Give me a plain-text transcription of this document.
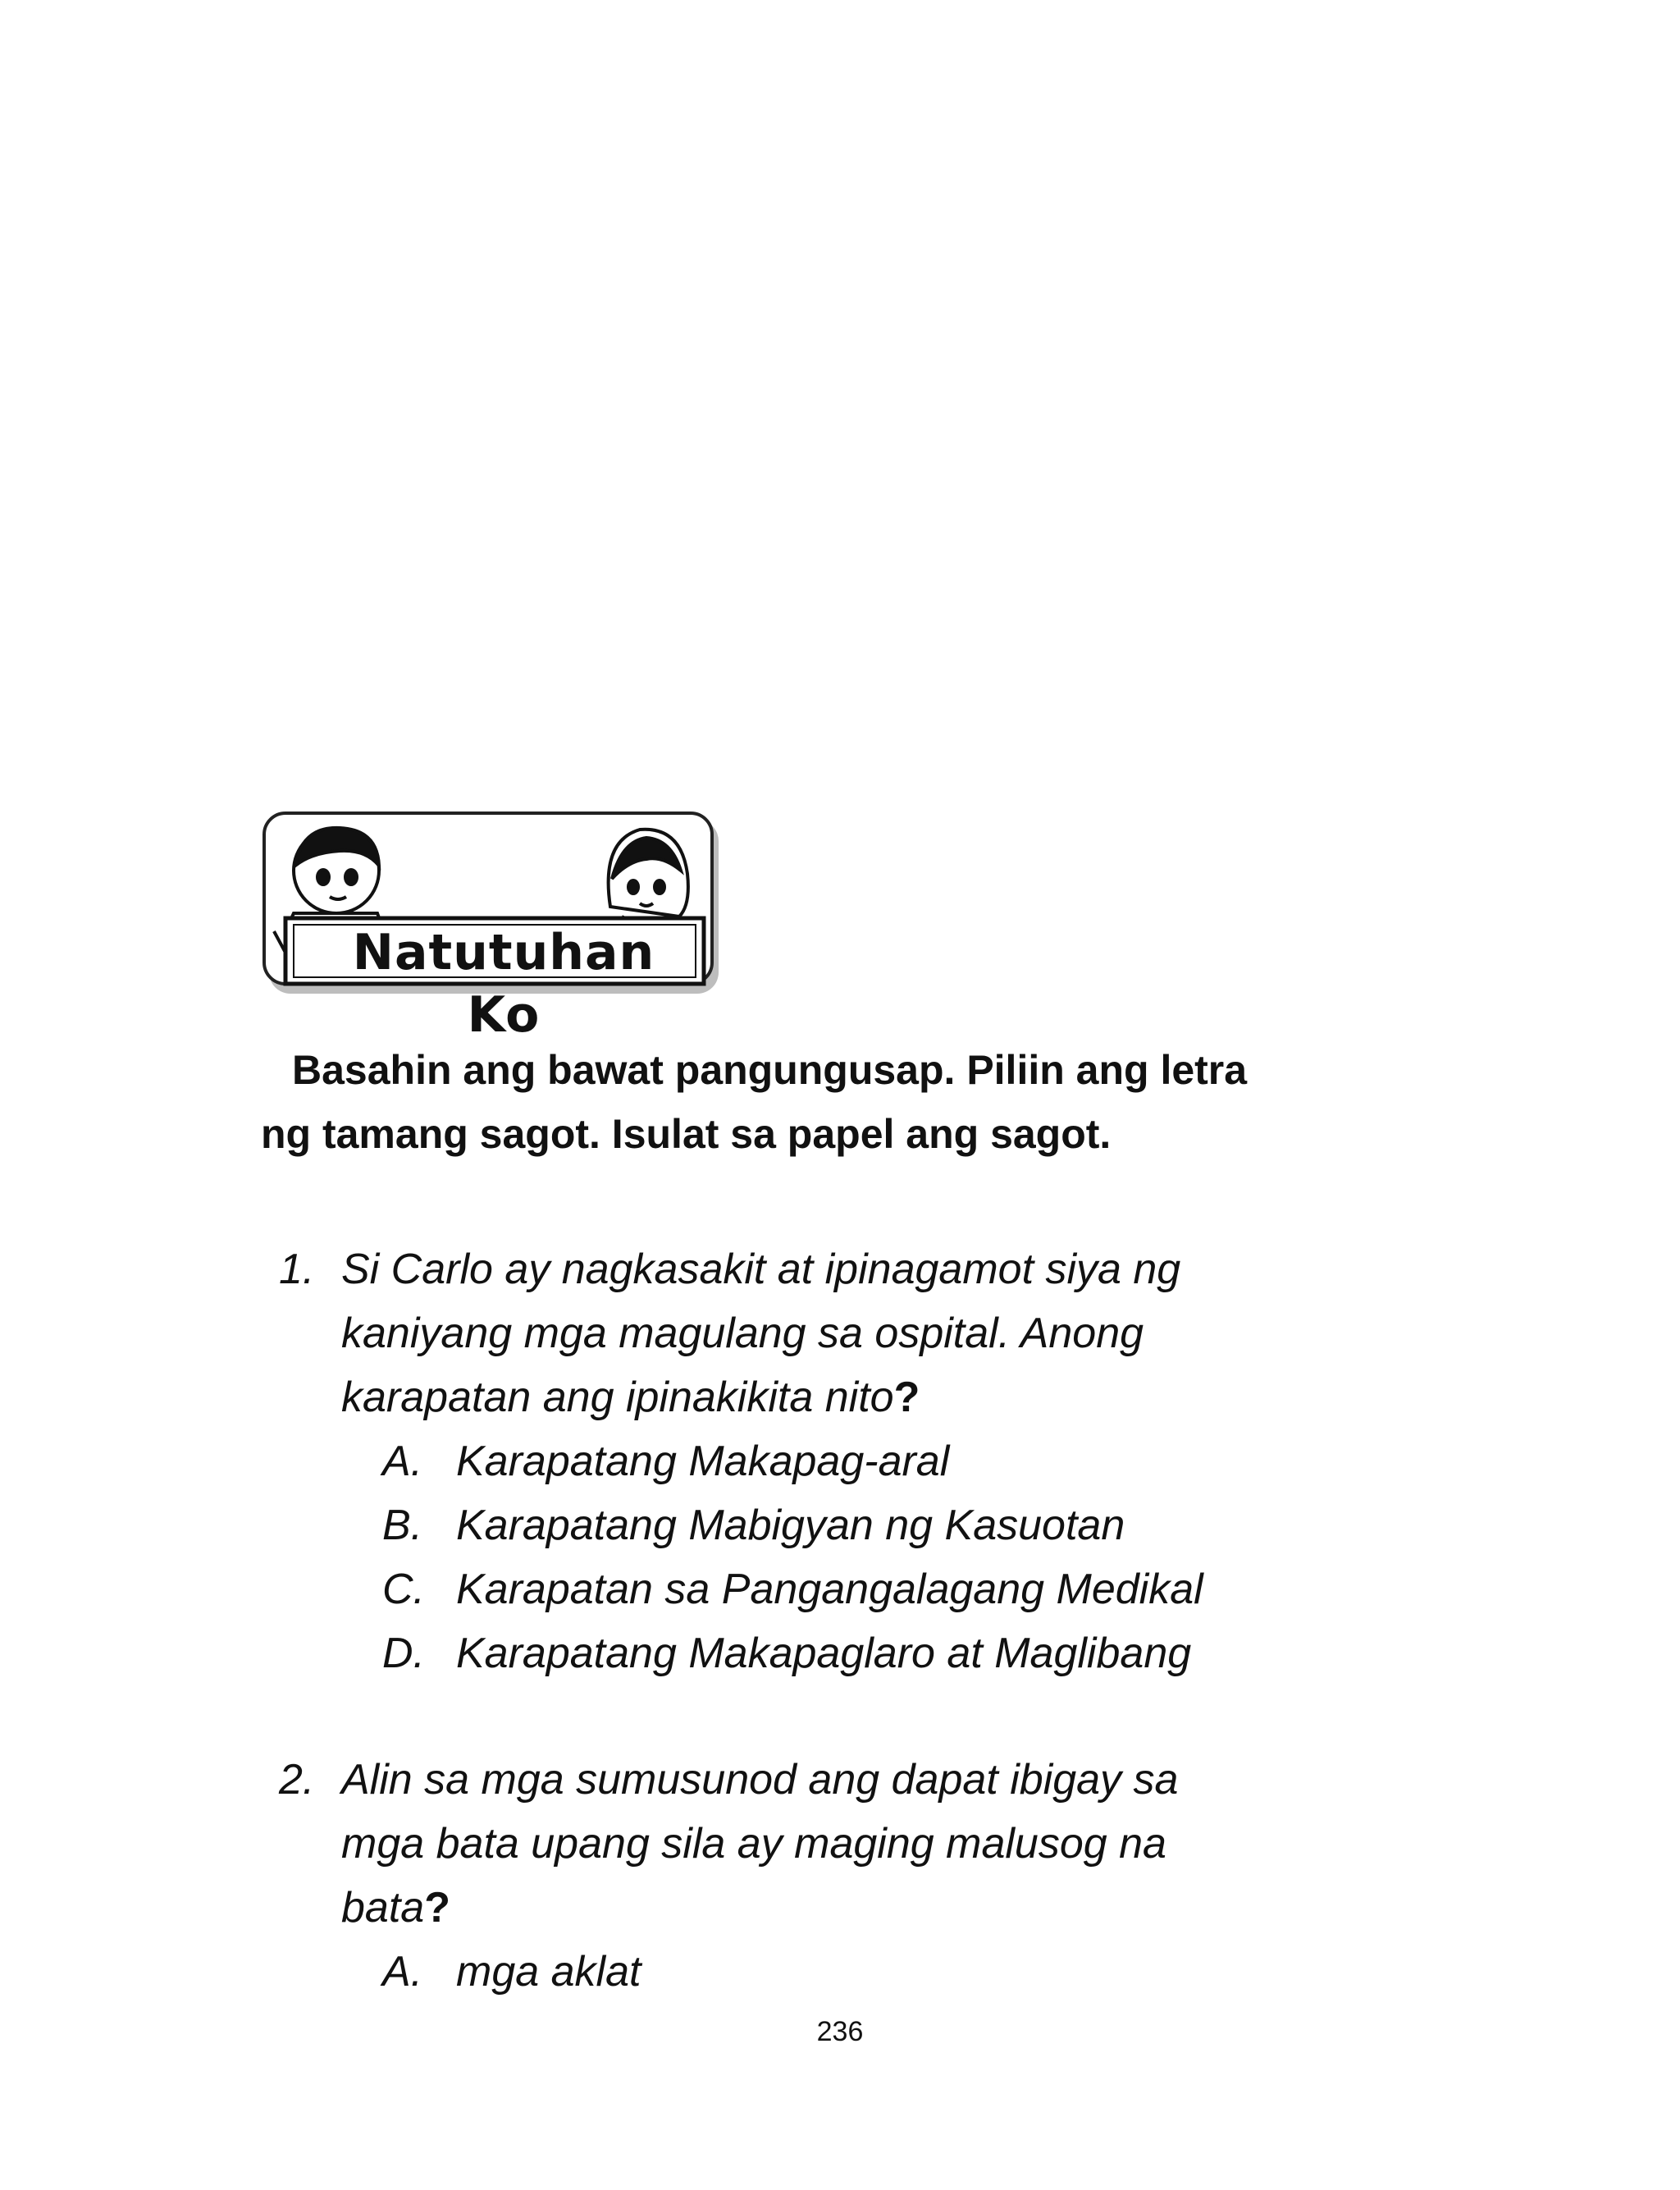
Natutuhan Ko
Basahin ang bawat pangungusap. Piliin ang letra
ng tamang sagot. Isulat sa papel ang sagot.
1. Si Carlo ay nagkasakit at ipinagamot siya ng
kaniyang mga magulang sa ospital. Anong
karapatan ang ipinakikita nito?
A. Karapatang Makapag-aral
B. Karapatang Mabigyan ng Kasuotan
C. Karapatan sa Pangangalagang Medikal
D. Karapatang Makapaglaro at Maglibang
2. Alin sa mga sumusunod ang dapat ibigay sa
mga bata upang sila ay maging malusog na
bata?
A. mga aklat
236
